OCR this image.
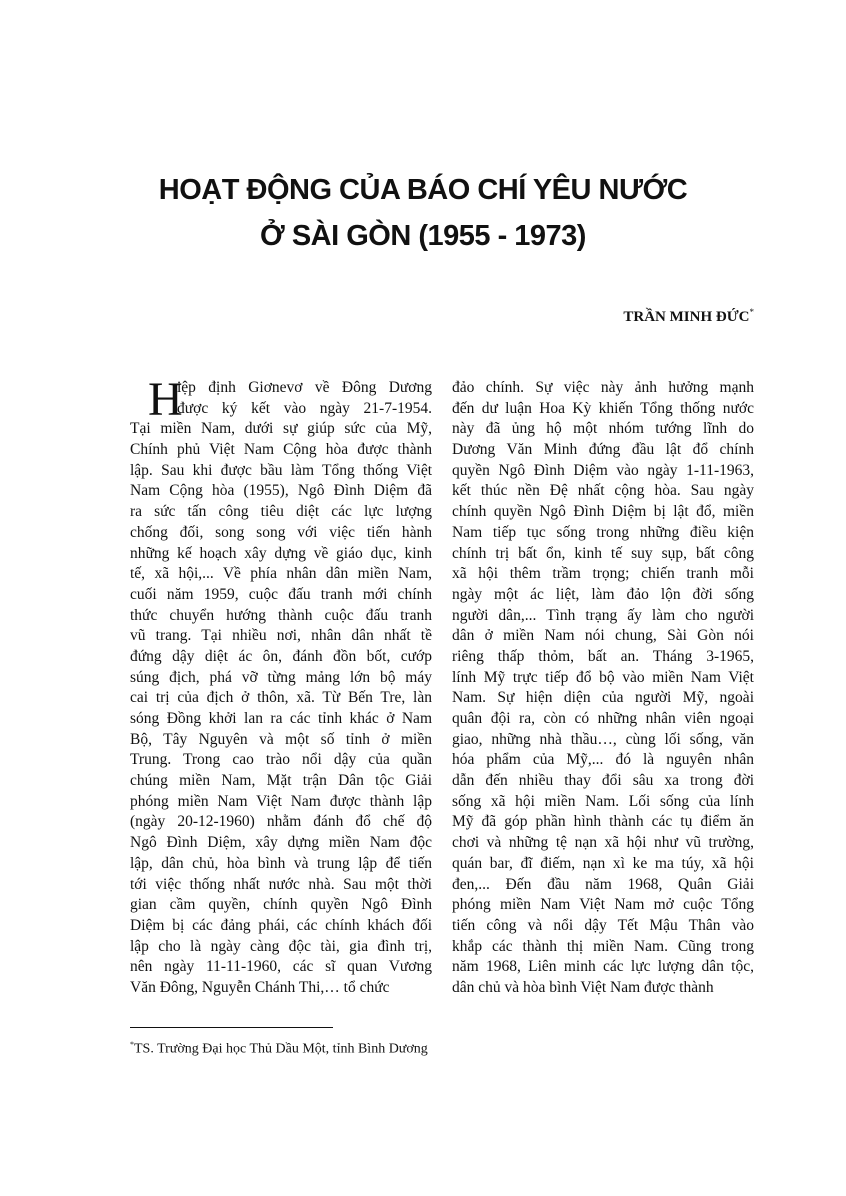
HOẠT ĐỘNG CỦA BÁO CHÍ YÊU NƯỚC
Ở SÀI GÒN (1955 - 1973)
TRẦN MINH ĐỨC*
H
iệp định Giơnevơ về Đông Dương
được ký kết vào ngày 21-7-1954.
Tại miền Nam, dưới sự giúp sức của Mỹ,
Chính phủ Việt Nam Cộng hòa được thành
lập. Sau khi được bầu làm Tổng thống Việt
Nam Cộng hòa (1955), Ngô Đình Diệm đã
ra sức tấn công tiêu diệt các lực lượng
chống đối, song song với việc tiến hành
những kế hoạch xây dựng về giáo dục, kinh
tế, xã hội,... Về phía nhân dân miền Nam,
cuối năm 1959, cuộc đấu tranh mới chính
thức chuyển hướng thành cuộc đấu tranh
vũ trang. Tại nhiều nơi, nhân dân nhất tề
đứng dậy diệt ác ôn, đánh đồn bốt, cướp
súng địch, phá vỡ từng mảng lớn bộ máy
cai trị của địch ở thôn, xã. Từ Bến Tre, làn
sóng Đồng khởi lan ra các tỉnh khác ở Nam
Bộ, Tây Nguyên và một số tỉnh ở miền
Trung. Trong cao trào nổi dậy của quần
chúng miền Nam, Mặt trận Dân tộc Giải
phóng miền Nam Việt Nam được thành lập
(ngày 20-12-1960) nhằm đánh đổ chế độ
Ngô Đình Diệm, xây dựng miền Nam độc
lập, dân chủ, hòa bình và trung lập để tiến
tới việc thống nhất nước nhà. Sau một thời
gian cầm quyền, chính quyền Ngô Đình
Diệm bị các đảng phái, các chính khách đối
lập cho là ngày càng độc tài, gia đình trị,
nên ngày 11-11-1960, các sĩ quan Vương
Văn Đông, Nguyễn Chánh Thi,… tổ chức
đảo chính. Sự việc này ảnh hưởng mạnh
đến dư luận Hoa Kỳ khiến Tổng thống nước
này đã ủng hộ một nhóm tướng lĩnh do
Dương Văn Minh đứng đầu lật đổ chính
quyền Ngô Đình Diệm vào ngày 1-11-1963,
kết thúc nền Đệ nhất cộng hòa. Sau ngày
chính quyền Ngô Đình Diệm bị lật đổ, miền
Nam tiếp tục sống trong những điều kiện
chính trị bất ổn, kinh tế suy sụp, bất công
xã hội thêm trầm trọng; chiến tranh mỗi
ngày một ác liệt, làm đảo lộn đời sống
người dân,... Tình trạng ấy làm cho người
dân ở miền Nam nói chung, Sài Gòn nói
riêng thấp thỏm, bất an. Tháng 3-1965,
lính Mỹ trực tiếp đổ bộ vào miền Nam Việt
Nam. Sự hiện diện của người Mỹ, ngoài
quân đội ra, còn có những nhân viên ngoại
giao, những nhà thầu…, cùng lối sống, văn
hóa phẩm của Mỹ,... đó là nguyên nhân
dẫn đến nhiều thay đổi sâu xa trong đời
sống xã hội miền Nam. Lối sống của lính
Mỹ đã góp phần hình thành các tụ điểm ăn
chơi và những tệ nạn xã hội như vũ trường,
quán bar, đĩ điếm, nạn xì ke ma túy, xã hội
đen,... Đến đầu năm 1968, Quân Giải
phóng miền Nam Việt Nam mở cuộc Tổng
tiến công và nổi dậy Tết Mậu Thân vào
khắp các thành thị miền Nam. Cũng trong
năm 1968, Liên minh các lực lượng dân tộc,
dân chủ và hòa bình Việt Nam được thành
*TS. Trường Đại học Thủ Dầu Một, tỉnh Bình Dương
